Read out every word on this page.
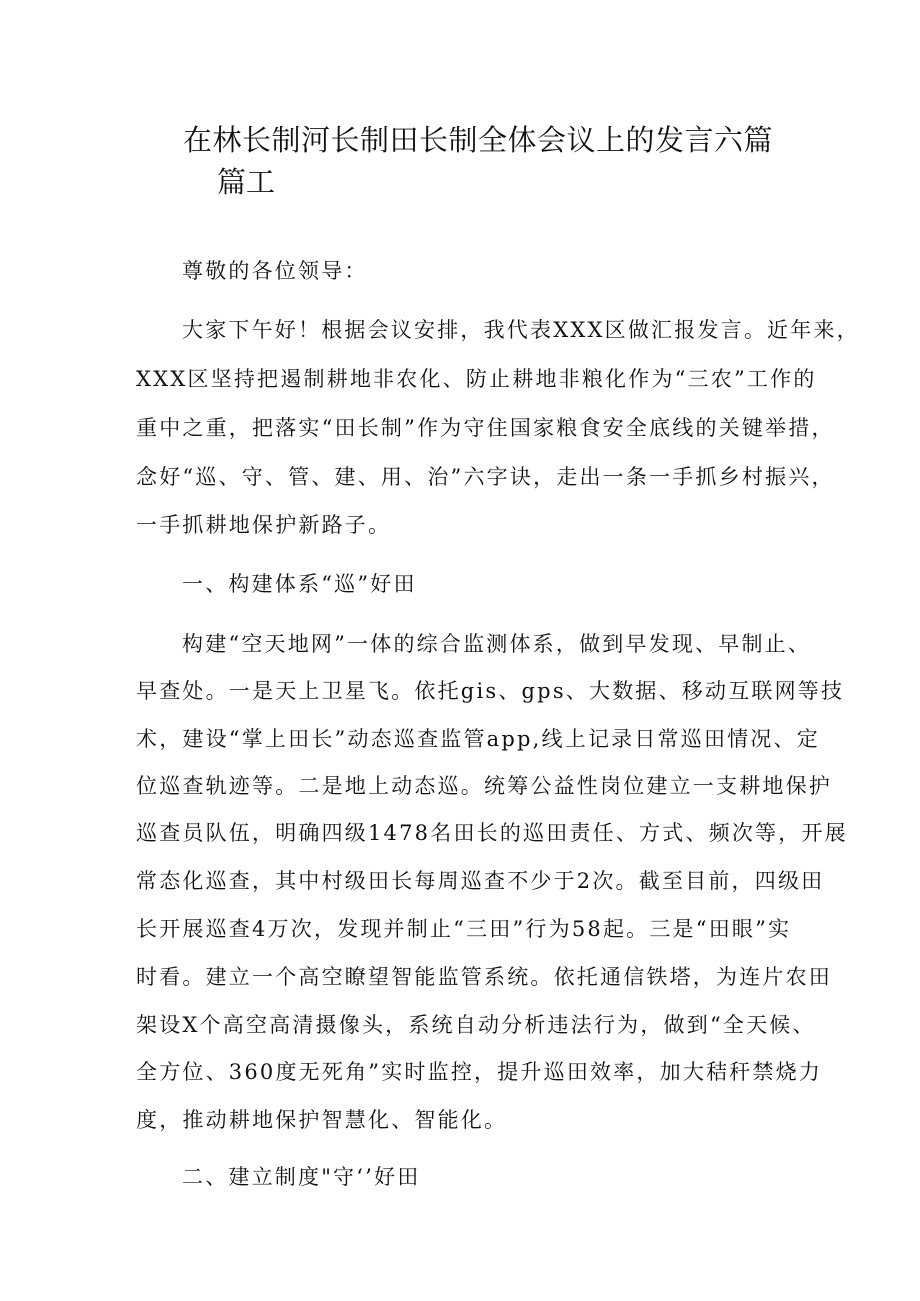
在林长制河长制田长制全体会议上的发言六篇
篇工
尊敬的各位领导：
大家下午好！根据会议安排，我代表XXX区做汇报发言。近年来，
XXX区坚持把遏制耕地非农化、防止耕地非粮化作为“三农”工作的
重中之重，把落实“田长制”作为守住国家粮食安全底线的关键举措，
念好“巡、守、管、建、用、治”六字诀，走出一条一手抓乡村振兴，
一手抓耕地保护新路子。
一、构建体系“巡”好田
构建“空天地网”一体的综合监测体系，做到早发现、早制止、
早查处。一是天上卫星飞。依托gis、gps、大数据、移动互联网等技
术，建设“掌上田长”动态巡查监管app,线上记录日常巡田情况、定
位巡查轨迹等。二是地上动态巡。统筹公益性岗位建立一支耕地保护
巡查员队伍，明确四级1478名田长的巡田责任、方式、频次等，开展
常态化巡查，其中村级田长每周巡查不少于2次。截至目前，四级田
长开展巡查4万次，发现并制止“三田”行为58起。三是“田眼”实
时看。建立一个高空瞭望智能监管系统。依托通信铁塔，为连片农田
架设X个高空高清摄像头，系统自动分析违法行为，做到“全天候、
全方位、360度无死角”实时监控，提升巡田效率，加大秸秆禁烧力
度，推动耕地保护智慧化、智能化。
二、建立制度"守‘’好田
